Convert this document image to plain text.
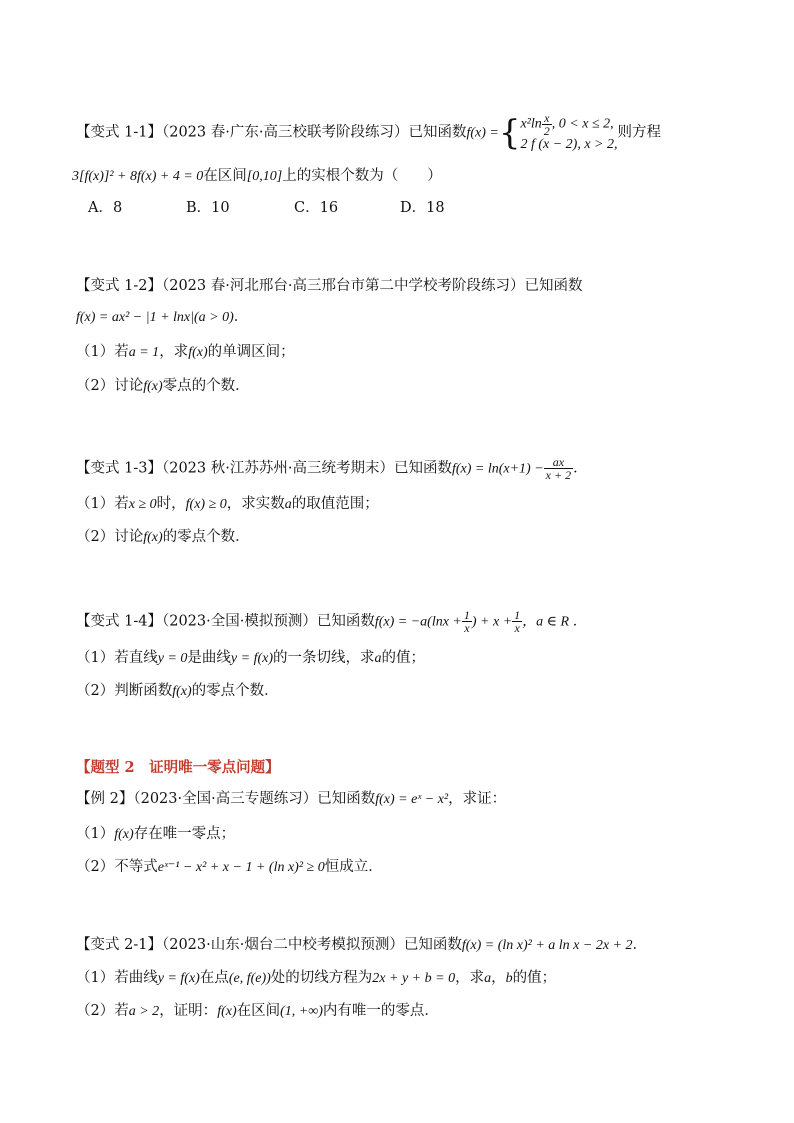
【变式 1-1】（2023 春·广东·高三校联考阶段练习）已知函数f(x) ={ $x^2\ln \frac{x}{2}$ , 0 < x ≤ 2,
2 f (x − 2), x > 2,
则方程
3[f(x)]² + 8f(x) + 4 = 0在区间[0,10]上的实根个数为（　　）
A．8	B．10	C．16	D．18
【变式 1-2】（2023 春·河北邢台·高三邢台市第二中学校考阶段练习）已知函数
f(x) = ax² − |1 + lnx|(a > 0)．
（1）若a = 1，求f(x)的单调区间；
（2）讨论f(x)零点的个数．
【变式 1-3】（2023 秋·江苏苏州·高三统考期末）已知函数$f(x) = \ln(x+1) - \frac{ax}{x + 2}$ ．
（1）若x ≥ 0时，f(x) ≥ 0，求实数a的取值范围；
（2）讨论f(x)的零点个数．
【变式 1-4】（2023·全国·模拟预测）已知函数$f(x) = -a(\ln x + \frac{1}{x}$ ) + $x + \frac{1}{x}$ ，a ∈ R ．
（1）若直线y = 0是曲线y = f(x)的一条切线，求a的值；
（2）判断函数f(x)的零点个数．
【题型 2　证明唯一零点问题】
【例 2】（2023·全国·高三专题练习）已知函数f(x) = eˣ − x²，求证：
（1）f(x)存在唯一零点；
（2）不等式eˣ⁻¹ − x² + x − 1 + (ln x)² ≥ 0恒成立．
【变式 2-1】（2023·山东·烟台二中校考模拟预测）已知函数f(x) = (ln x)² + a ln x − 2x + 2．
（1）若曲线y = f(x)在点(e, f(e))处的切线方程为2x + y + b = 0，求a，b的值；
（2）若a > 2，证明：f(x)在区间(1, +∞)内有唯一的零点．
